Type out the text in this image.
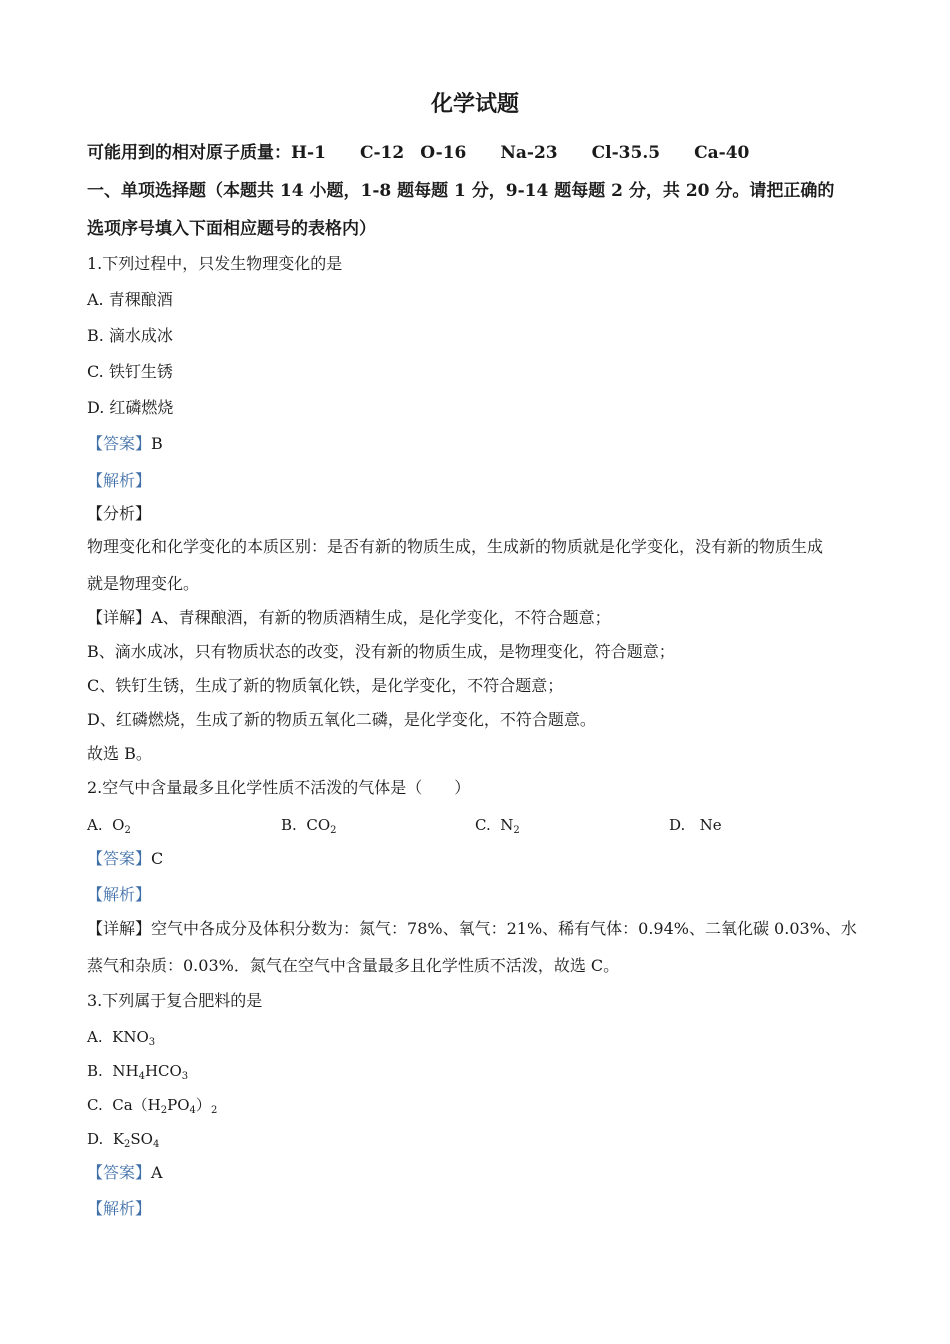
化学试题
可能用到的相对原子质量：H-1 C-12 O-16 Na-23 Cl-35.5 Ca-40
一、单项选择题（本题共 14 小题，1-8 题每题 1 分，9-14 题每题 2 分，共 20 分。请把正确的
选项序号填入下面相应题号的表格内）
1.下列过程中，只发生物理变化的是
A. 青稞酿酒
B. 滴水成冰
C. 铁钉生锈
D. 红磷燃烧
【答案】B
【解析】
【分析】
物理变化和化学变化的本质区别：是否有新的物质生成，生成新的物质就是化学变化，没有新的物质生成
就是物理变化。
【详解】A、青稞酿酒，有新的物质酒精生成，是化学变化，不符合题意；
B、滴水成冰，只有物质状态的改变，没有新的物质生成，是物理变化，符合题意；
C、铁钉生锈，生成了新的物质氧化铁，是化学变化，不符合题意；
D、红磷燃烧，生成了新的物质五氧化二磷，是化学变化，不符合题意。
故选 B。
2.空气中含量最多且化学性质不活泼的气体是（　　）
A. $O_2$	B. $CO_2$	C. $N_2$	D. Ne
【答案】C
【解析】
【详解】空气中各成分及体积分数为：氮气：78%、氧气：21%、稀有气体：0.94%、二氧化碳 0.03%、水
蒸气和杂质：0.03%．氮气在空气中含量最多且化学性质不活泼，故选 C。
3.下列属于复合肥料的是
A. $KNO_3$
B. $NH_4HCO_3$
C. $Ca(H_2PO_4)_2$
D. $K_2SO_4$
【答案】A
【解析】
